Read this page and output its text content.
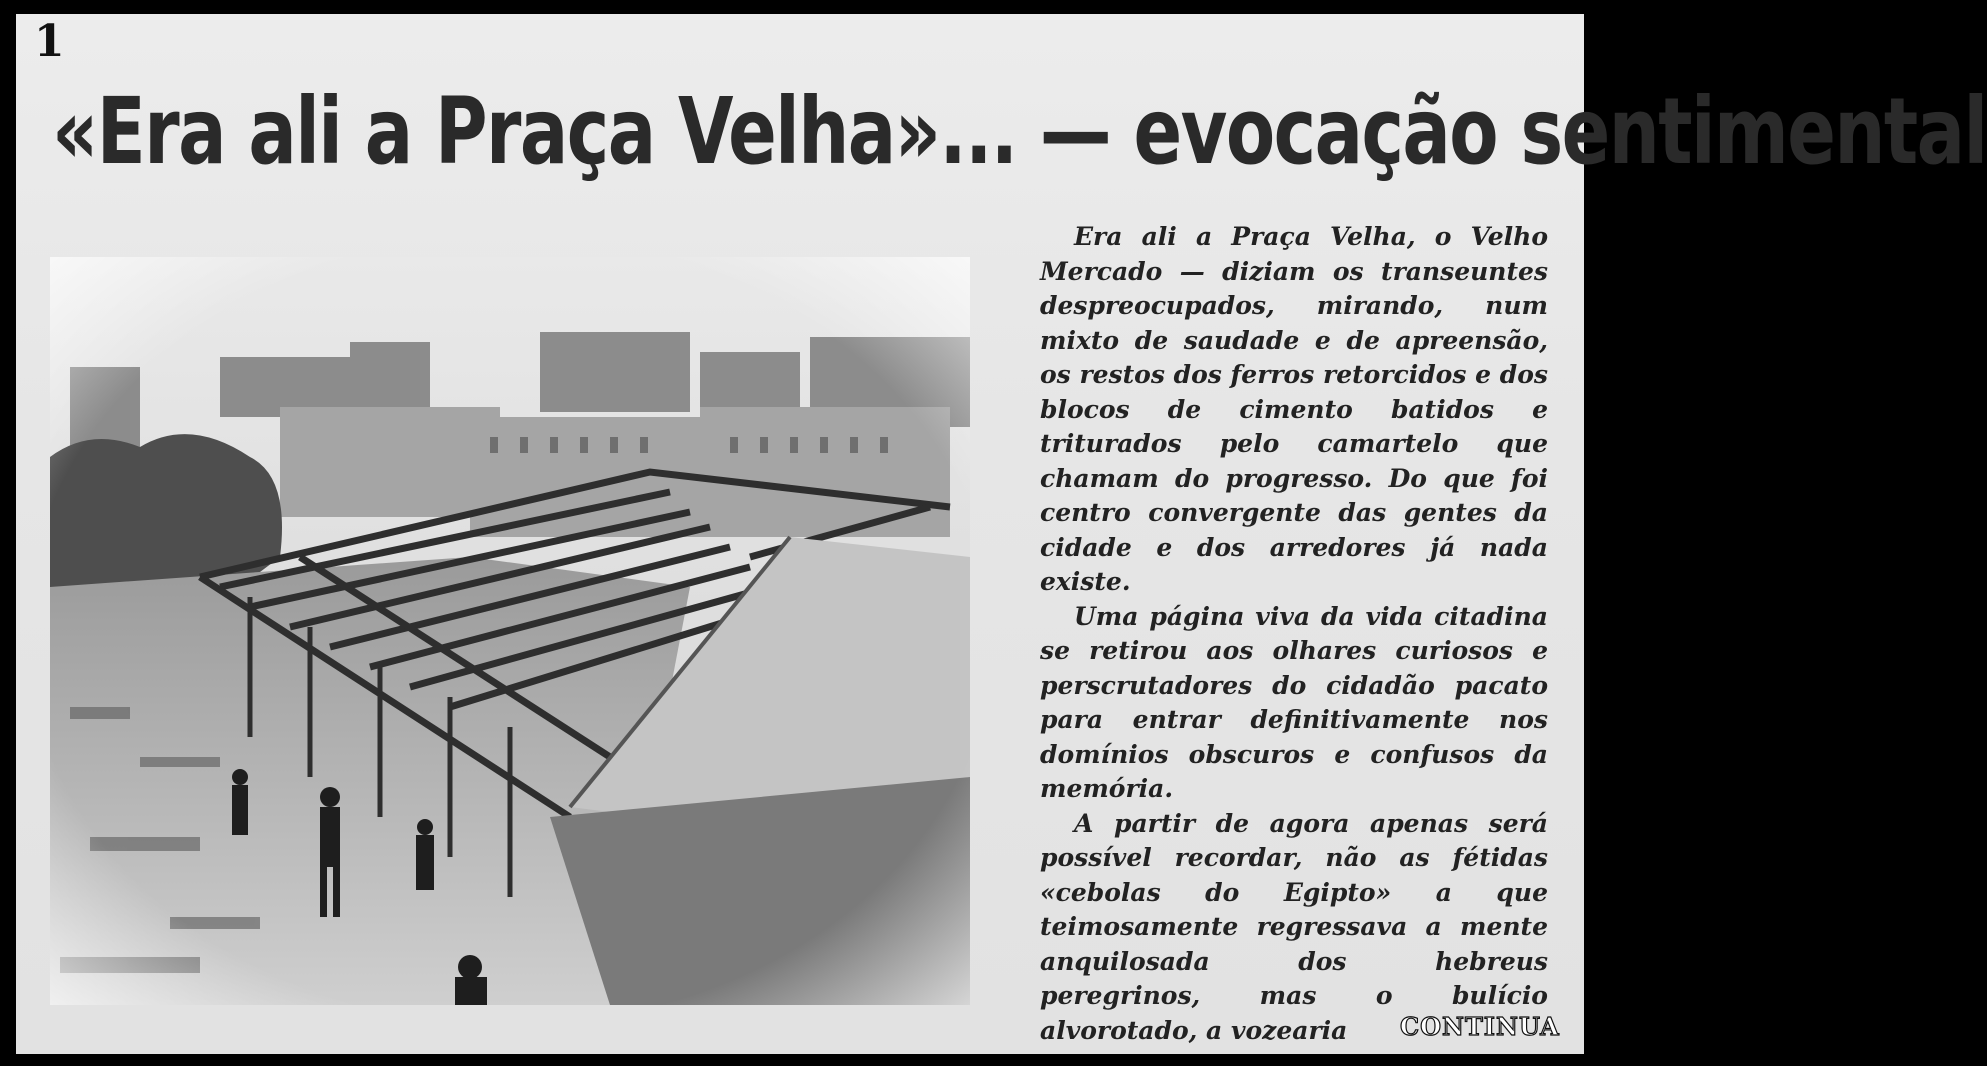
1
«Era ali a Praça Velha»... — evocação sentimental

Era ali a Praça Velha, o Velho Mercado — diziam os transeuntes despreocupados, mirando, num mixto de saudade e de apreensão, os restos dos ferros retorcidos e dos blocos de cimento batidos e triturados pelo camartelo que chamam do progresso. Do que foi centro convergente das gentes da cidade e dos arredores já nada existe.

Uma página viva da vida citadina se retirou aos olhares curiosos e perscrutadores do cidadão pacato para entrar definitivamente nos domínios obscuros e confusos da memória.

A partir de agora apenas será possível recordar, não as fétidas «cebolas do Egipto» a que teimosamente regressava a mente anquilosada dos hebreus peregrinos, mas o bulício alvorotado, a vozearia	CONTINUA
